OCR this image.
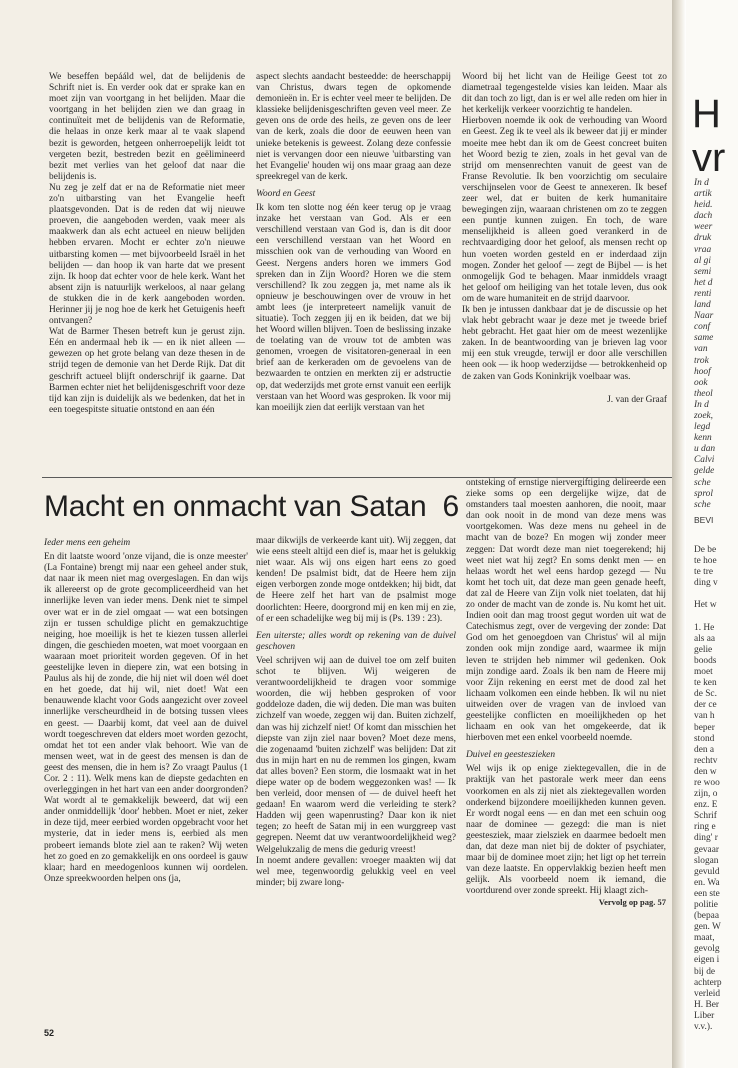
We beseffen bepááld wel, dat de belijdenis de Schrift niet is. En verder ook dat er sprake kan en moet zijn van voortgang in het belijden. Maar die voortgang in het belijden zien we dan graag in continuïteit met de belijdenis van de Reformatie, die helaas in onze kerk maar al te vaak slapend bezit is geworden, hetgeen onherroepelijk leidt tot vergeten bezit, bestreden bezit en geëlimineerd bezit met verlies van het geloof dat naar die belijdenis is.

Nu zeg je zelf dat er na de Reformatie niet meer zo'n uitbarsting van het Evangelie heeft plaatsgevonden. Dat is de reden dat wij nieuwe proeven, die aangeboden werden, vaak meer als maakwerk dan als echt actueel en nieuw belijden hebben ervaren. Mocht er echter zo'n nieuwe uitbarsting komen — met bijvoorbeeld Israël in het belijden — dan hoop ik van harte dat we present zijn. Ik hoop dat echter voor de hele kerk. Want het absent zijn is natuurlijk werkeloos, al naar gelang de stukken die in de kerk aangeboden worden. Herinner jij je nog hoe de kerk het Getuigenis heeft ontvangen?

Wat de Barmer Thesen betreft kun je gerust zijn. Eén en andermaal heb ik — en ik niet alleen — gewezen op het grote belang van deze thesen in de strijd tegen de demonie van het Derde Rijk. Dat dit geschrift actueel blijft onderschrijf ik gaarne. Dat Barmen echter niet het belijdenisgeschrift voor deze tijd kan zijn is duidelijk als we bedenken, dat het in een toegespitste situatie ontstond en aan één

aspect slechts aandacht besteedde: de heerschappij van Christus, dwars tegen de opkomende demonieën in. Er is echter veel meer te belijden. De klassieke belijdenisgeschriften geven veel meer. Ze geven ons de orde des heils, ze geven ons de leer van de kerk, zoals die door de eeuwen heen van unieke betekenis is geweest. Zolang deze confessie niet is vervangen door een nieuwe 'uitbarsting van het Evangelie' houden wij ons maar graag aan deze spreekregel van de kerk.

Woord en Geest

Ik kom ten slotte nog één keer terug op je vraag inzake het verstaan van God. Als er een verschillend verstaan van God is, dan is dit door een verschillend verstaan van het Woord en misschien ook van de verhouding van Woord en Geest. Nergens anders horen we immers God spreken dan in Zijn Woord? Horen we die stem verschillend? Ik zou zeggen ja, met name als ik opnieuw je beschouwingen over de vrouw in het ambt lees (je interpreteert namelijk vanuit de situatie). Toch zeggen jij en ik beiden, dat we bij het Woord willen blijven. Toen de beslissing inzake de toelating van de vrouw tot de ambten was genomen, vroegen de visitatoren-generaal in een brief aan de kerkeraden om de gevoelens van de bezwaarden te ontzien en merkten zij er adstructie op, dat wederzijds met grote ernst vanuit een eerlijk verstaan van het Woord was gesproken. Ik voor mij kan moeilijk zien dat eerlijk verstaan van het

Woord bij het licht van de Heilige Geest tot zo diametraal tegengestelde visies kan leiden. Maar als dit dan toch zo ligt, dan is er wel alle reden om hier in het kerkelijk verkeer voorzichtig te handelen.

Hierboven noemde ik ook de verhouding van Woord en Geest. Zeg ik te veel als ik beweer dat jij er minder moeite mee hebt dan ik om de Geest concreet buiten het Woord bezig te zien, zoals in het geval van de strijd om mensenrechten vanuit de geest van de Franse Revolutie. Ik ben voorzichtig om seculaire verschijnselen voor de Geest te annexeren. Ik besef zeer wel, dat er buiten de kerk humanitaire bewegingen zijn, waaraan christenen om zo te zeggen een puntje kunnen zuigen. En toch, de ware menselijkheid is alleen goed verankerd in de rechtvaardiging door het geloof, als mensen recht op hun voeten worden gesteld en er inderdaad zijn mogen. Zonder het geloof — zegt de Bijbel — is het onmogelijk God te behagen. Maar inmiddels vraagt het geloof om heiliging van het totale leven, dus ook om de ware humaniteit en de strijd daarvoor.

Ik ben je intussen dankbaar dat je de discussie op het vlak hebt gebracht waar je deze met je tweede brief hebt gebracht. Het gaat hier om de meest wezenlijke zaken. In de beantwoording van je brieven lag voor mij een stuk vreugde, terwijl er door alle verschillen heen ook — ik hoop wederzijdse — betrokkenheid op de zaken van Gods Koninkrijk voelbaar was.

J. van der Graaf
Macht en onmacht van Satan 6
Ieder mens een geheim

En dit laatste woord 'onze vijand, die is onze meester' (La Fontaine) brengt mij naar een geheel ander stuk, dat naar ik meen niet mag overgeslagen. En dan wijs ik allereerst op de grote gecompliceerdheid van het innerlijke leven van ieder mens. Denk niet te simpel over wat er in de ziel omgaat — wat een botsingen zijn er tussen schuldige plicht en gemakzuchtige neiging, hoe moeilijk is het te kiezen tussen allerlei dingen, die geschieden moeten, wat moet voorgaan en waaraan moet prioriteit worden gegeven. Of in het geestelijke leven in diepere zin, wat een botsing in Paulus als hij de zonde, die hij niet wil doen wél doet en het goede, dat hij wil, niet doet! Wat een benauwende klacht voor Gods aangezicht over zoveel innerlijke verscheurdheid in de botsing tussen vlees en geest. — Daarbij komt, dat veel aan de duivel wordt toegeschreven dat elders moet worden gezocht, omdat het tot een ander vlak behoort. Wie van de mensen weet, wat in de geest des mensen is dan de geest des mensen, die in hem is? Zo vraagt Paulus (1 Cor. 2 : 11). Welk mens kan de diepste gedachten en overleggingen in het hart van een ander doorgronden? Wat wordt al te gemakkelijk beweerd, dat wij een ander onmiddellijk 'door' hebben. Moet er niet, zeker in deze tijd, meer eerbied worden opgebracht voor het mysterie, dat in ieder mens is, eerbied als men probeert iemands blote ziel aan te raken? Wij weten het zo goed en zo gemakkelijk en ons oordeel is gauw klaar; hard en meedogenloos kunnen wij oordelen. Onze spreekwoorden helpen ons (ja,

maar dikwijls de verkeerde kant uit). Wij zeggen, dat wie eens steelt altijd een dief is, maar het is gelukkig niet waar. Als wij ons eigen hart eens zo goed kenden! De psalmist bidt, dat de Heere hem zijn eigen verborgen zonde moge ontdekken; hij bidt, dat de Heere zelf het hart van de psalmist moge doorlichten: Heere, doorgrond mij en ken mij en zie, of er een schadelijke weg bij mij is (Ps. 139 : 23).

Een uiterste; alles wordt op rekening van de duivel geschoven

Veel schrijven wij aan de duivel toe om zelf buiten schot te blijven. Wij weigeren de verantwoordelijkheid te dragen voor sommige woorden, die wij hebben gesproken of voor goddeloze daden, die wij deden. Die man was buiten zichzelf van woede, zeggen wij dan. Buiten zichzelf, dan was hij zichzelf niet! Of komt dan misschien het diepste van zijn ziel naar boven? Moet deze mens, die zogenaamd 'buiten zichzelf' was belijden: Dat zit dus in mijn hart en nu de remmen los gingen, kwam dat alles boven? Een storm, die losmaakt wat in het diepe water op de bodem weggezonken was! — Ik ben verleid, door mensen of — de duivel heeft het gedaan! En waarom werd die verleiding te sterk? Hadden wij geen wapenrusting? Daar kon ik niet tegen; zo heeft de Satan mij in een wurggreep vast gegrepen. Neemt dat uw verantwoordelijkheid weg? Welgelukzalig de mens die gedurig vreest!

In noemt andere gevallen: vroeger maakten wij dat wel mee, tegenwoordig gelukkig veel en veel minder; bij zware long-

ontsteking of ernstige niervergiftiging delireerde een zieke soms op een dergelijke wijze, dat de omstanders taal moesten aanhoren, die nooit, maar dan ook nooit in de mond van deze mens was voortgekomen. Was deze mens nu geheel in de macht van de boze? En mogen wij zonder meer zeggen: Dat wordt deze man niet toegerekend; hij weet niet wat hij zegt? En soms denkt men — en helaas wordt het wel eens hardop gezegd — Nu komt het toch uit, dat deze man geen genade heeft, dat zal de Heere van Zijn volk niet toelaten, dat hij zo onder de macht van de zonde is. Nu komt het uit. Indien ooit dan mag troost gegut worden uit wat de Catechismus zegt, over de vergeving der zonde: Dat God om het genoegdoen van Christus' wil al mijn zonden ook mijn zondige aard, waarmee ik mijn leven te strijden heb nimmer wil gedenken. Ook mijn zondige aard. Zoals ik ben nam de Heere mij voor Zijn rekening en eerst met de dood zal het lichaam volkomen een einde hebben. Ik wil nu niet uitweiden over de vragen van de invloed van geestelijke conflicten en moeilijkheden op het lichaam en ook van het omgekeerde, dat ik hierboven met een enkel voorbeeld noemde.

Duivel en geesteszieken

Wel wijs ik op enige ziektegevallen, die in de praktijk van het pastorale werk meer dan eens voorkomen en als zij niet als ziektegevallen worden onderkend bijzondere moeilijkheden kunnen geven. Er wordt nogal eens — en dan met een schuin oog naar de dominee — gezegd: die man is niet geestesziek, maar zielsziek en daarmee bedoelt men dan, dat deze man niet bij de dokter of psychiater, maar bij de dominee moet zijn; het ligt op het terrein van deze laatste. En oppervlakkig bezien heeft men gelijk. Als voorbeeld noem ik iemand, die voortdurend over zonde spreekt. Hij klaagt zich-

Vervolg op pag. 57
52
H
vr
In d
artik
heid.
dach
weer
druk
vraa
al gi
semi
het d
renti
land
Naar
conf
same
van
trok
hoof
ook
theol
In d
zoek,
legd
kenn
u dan
Calvi
gelde
sche
sprol
sche
BEVI
De be
te hoe
te tre
ding v

Het w

1. He
als aa
gelie
boods
moet
te ken
de Sc.
der ce
van h
beper
stond
den a
rechtv
den w
re woo
zijn, o
enz. E
Schrif
ring e
ding' r
gevaar
slogan
gevuld
en. Wa
een ste
politie
(bepaa
gen. W
maat,
gevolg
eigen i
bij de
achterp
verleid
H. Ber
Liber
v.v.).
